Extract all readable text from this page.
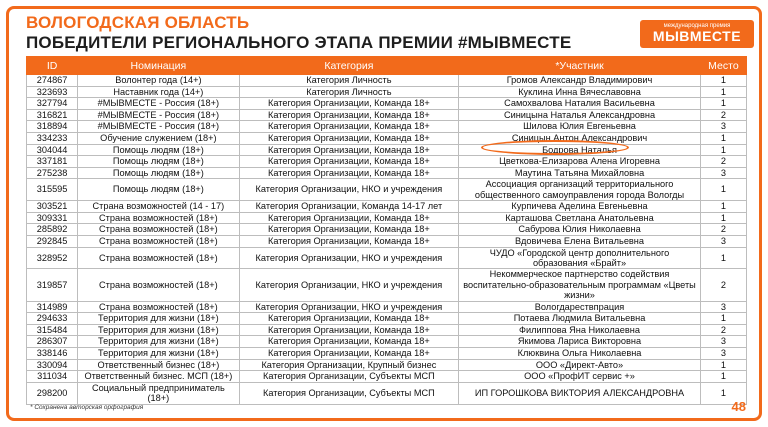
ВОЛОГОДСКАЯ ОБЛАСТЬ
ПОБЕДИТЕЛИ РЕГИОНАЛЬНОГО ЭТАПА ПРЕМИИ #МЫВМЕСТЕ
международная премия
МЫВМЕСТЕ
ID	Номинация	Категория	*Участник	Место
274867	Волонтер года (14+)	Категория Личность	Громов Александр Владимирович	1
323693	Наставник года (14+)	Категория Личность	Куклина Инна Вячеславовна	1
327794	#МЫВМЕСТЕ - Россия (18+)	Категория Организации, Команда 18+	Самохвалова Наталия Васильевна	1
316821	#МЫВМЕСТЕ - Россия (18+)	Категория Организации, Команда 18+	Синицына Наталья Александровна	2
318894	#МЫВМЕСТЕ - Россия (18+)	Категория Организации, Команда 18+	Шилова Юлия Евгеньевна	3
334233	Обучение служением (18+)	Категория Организации, Команда 18+	Синицын Антон Александрович	1
304044	Помощь людям (18+)	Категория Организации, Команда 18+	Бодрова Наталья	1
337181	Помощь людям (18+)	Категория Организации, Команда 18+	Цветкова-Елизарова Алена Игоревна	2
275238	Помощь людям (18+)	Категория Организации, Команда 18+	Маутина Татьяна Михайловна	3
315595	Помощь людям (18+)	Категория Организации, НКО и учреждения	Ассоциация организаций территориального общественного самоуправления города Вологды	1
303521	Страна возможностей (14 - 17)	Категория Организации, Команда 14-17 лет	Курпичева Аделина Евгеньевна	1
309331	Страна возможностей (18+)	Категория Организации, Команда 18+	Карташова Светлана Анатольевна	1
285892	Страна возможностей (18+)	Категория Организации, Команда 18+	Сабурова Юлия Николаевна	2
292845	Страна возможностей (18+)	Категория Организации, Команда 18+	Вдовичева Елена Витальевна	3
328952	Страна возможностей (18+)	Категория Организации, НКО и учреждения	ЧУДО «Городской центр дополнительного образования «Брайт»	1
319857	Страна возможностей (18+)	Категория Организации, НКО и учреждения	Некоммерческое партнерство содействия воспитательно-образовательным программам «Цветы жизни»	2
314989	Страна возможностей (18+)	Категория Организации, НКО и учреждения	Вологдарествпрация	3
294633	Территория для жизни (18+)	Категория Организации, Команда 18+	Потаева Людмила Витальевна	1
315484	Территория для жизни (18+)	Категория Организации, Команда 18+	Филиппова Яна Николаевна	2
286307	Территория для жизни (18+)	Категория Организации, Команда 18+	Якимова Лариса Викторовна	3
338146	Территория для жизни (18+)	Категория Организации, Команда 18+	Клюквина Ольга Николаевна	3
330094	Ответственный бизнес (18+)	Категория Организации, Крупный бизнес	ООО «Директ-Авто»	1
311034	Ответственный бизнес. МСП (18+)	Категория Организации, Субъекты МСП	ООО «ПрофИТ сервис +»	1
298200	Социальный предприниматель (18+)	Категория Организации, Субъекты МСП	ИП ГОРОШКОВА ВИКТОРИЯ АЛЕКСАНДРОВНА	1
* Сохранена авторская орфография	48
